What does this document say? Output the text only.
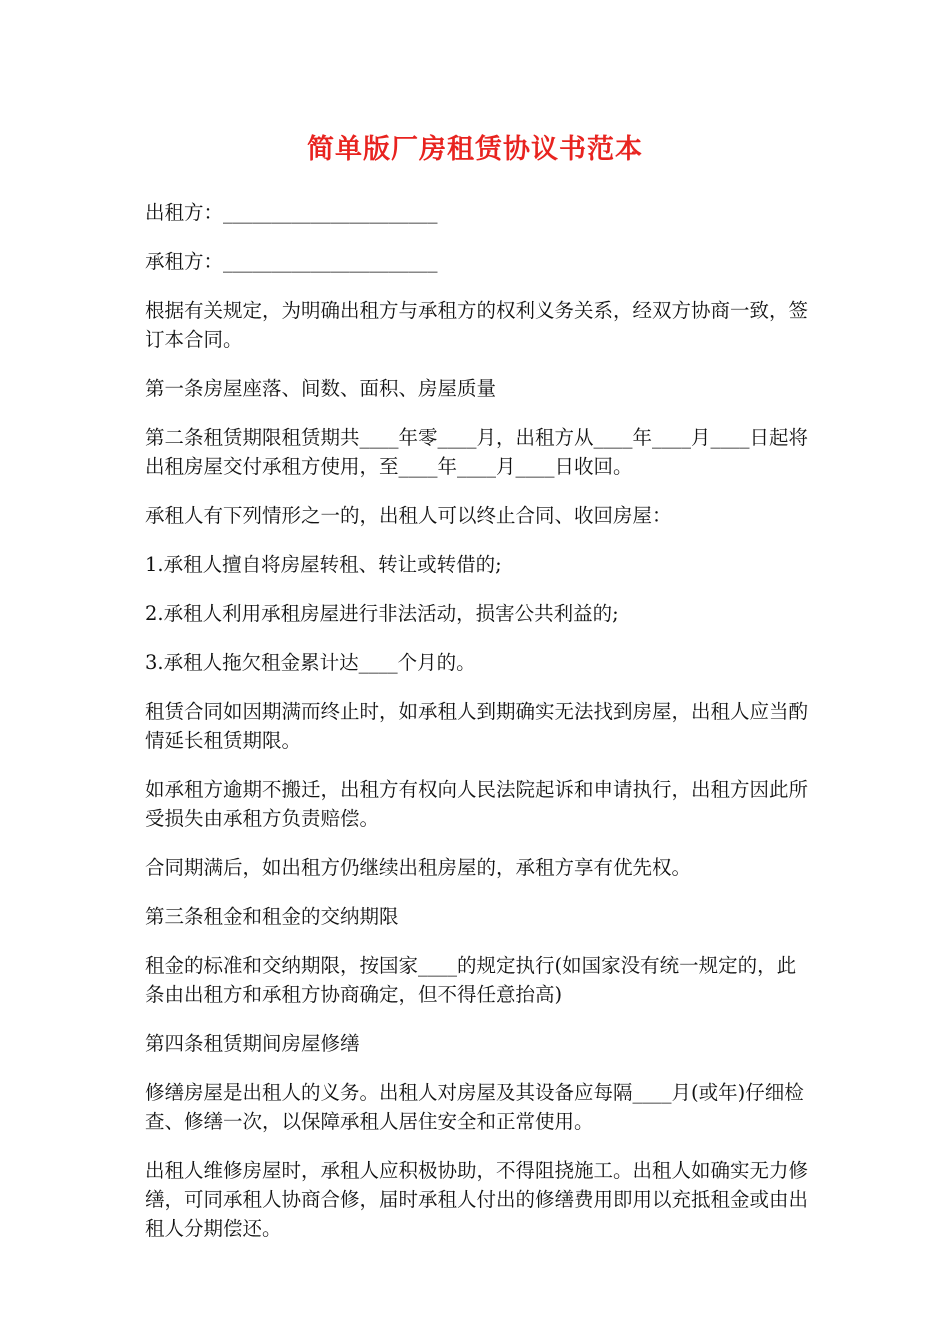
简单版厂房租赁协议书范本

出租方：______________________

承租方：______________________

根据有关规定，为明确出租方与承租方的权利义务关系，经双方协商一致，签订本合同。

第一条房屋座落、间数、面积、房屋质量

第二条租赁期限租赁期共____年零____月，出租方从____年____月____日起将出租房屋交付承租方使用，至____年____月____日收回。

承租人有下列情形之一的，出租人可以终止合同、收回房屋：

1.承租人擅自将房屋转租、转让或转借的;

2.承租人利用承租房屋进行非法活动，损害公共利益的;

3.承租人拖欠租金累计达____个月的。

租赁合同如因期满而终止时，如承租人到期确实无法找到房屋，出租人应当酌情延长租赁期限。

如承租方逾期不搬迁，出租方有权向人民法院起诉和申请执行，出租方因此所受损失由承租方负责赔偿。

合同期满后，如出租方仍继续出租房屋的，承租方享有优先权。

第三条租金和租金的交纳期限

租金的标准和交纳期限，按国家____的规定执行(如国家没有统一规定的，此条由出租方和承租方协商确定，但不得任意抬高)

第四条租赁期间房屋修缮

修缮房屋是出租人的义务。出租人对房屋及其设备应每隔____月(或年)仔细检查、修缮一次，以保障承租人居住安全和正常使用。

出租人维修房屋时，承租人应积极协助，不得阻挠施工。出租人如确实无力修缮，可同承租人协商合修，届时承租人付出的修缮费用即用以充抵租金或由出租人分期偿还。
